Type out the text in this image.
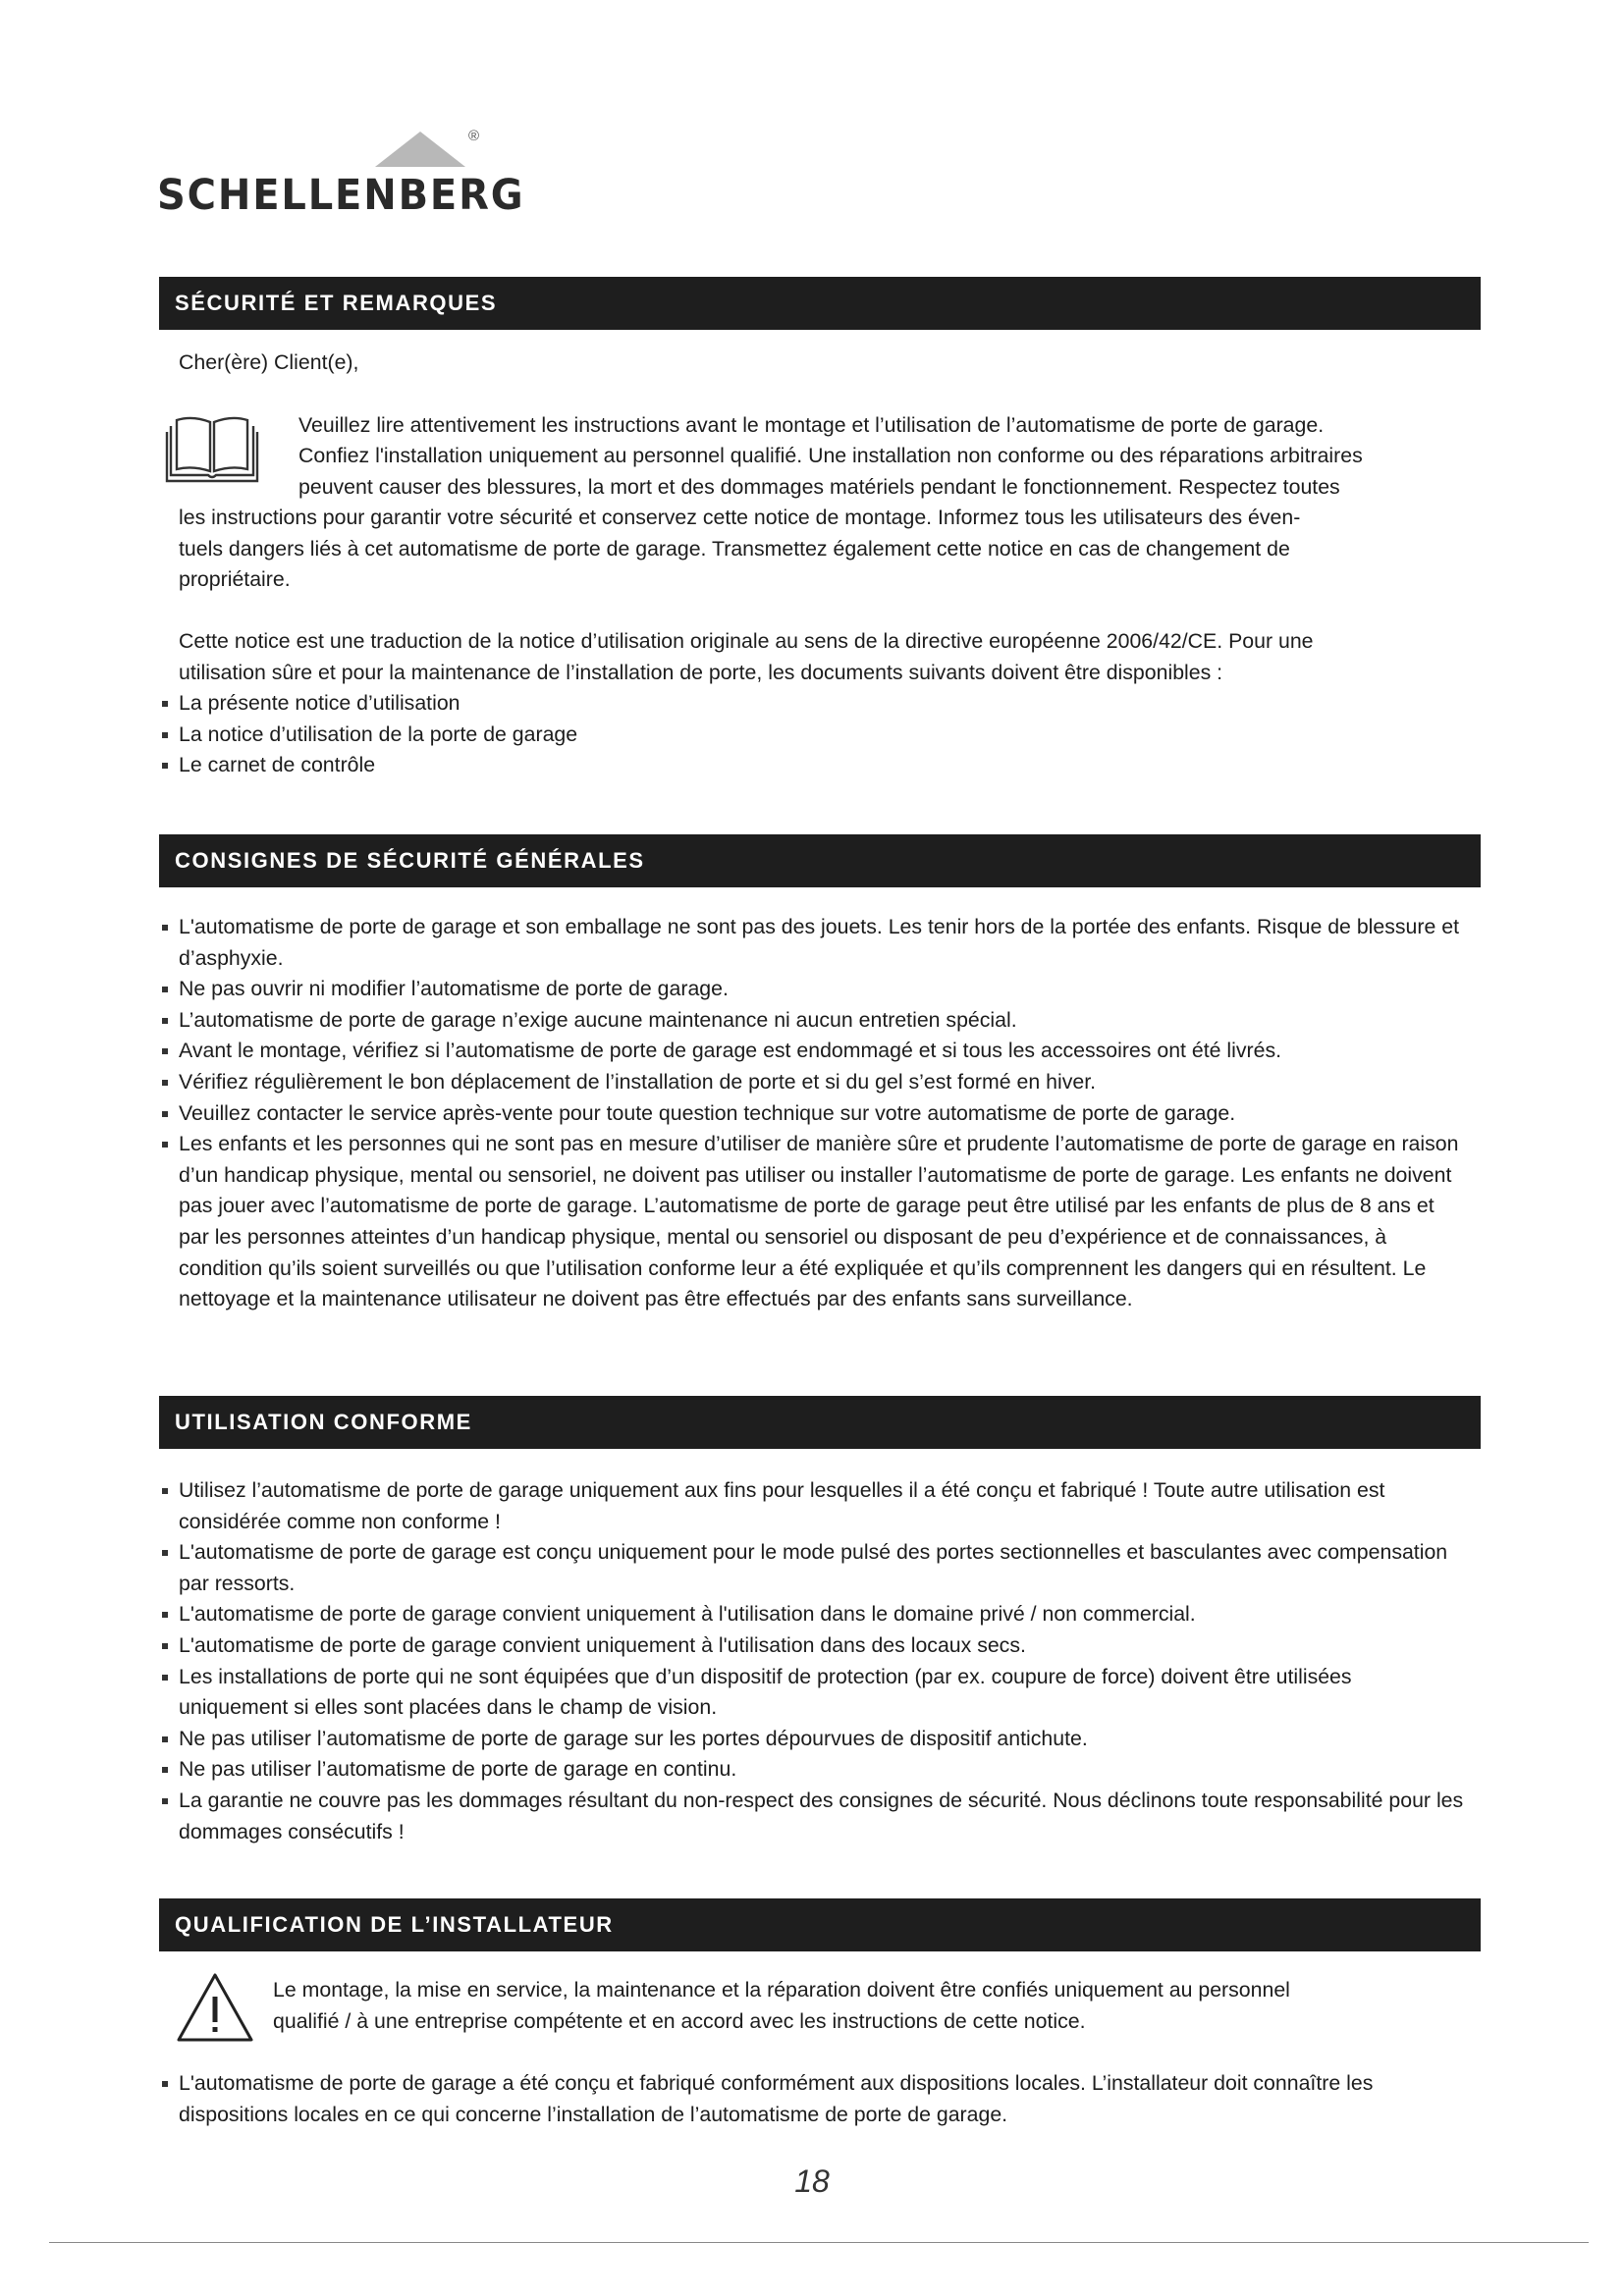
®
SCHELLENBERG
SÉCURITÉ ET REMARQUES
Cher(ère) Client(e),
Veuillez lire attentivement les instructions avant le montage et l’utilisation de l’automatisme de porte de garage.
Confiez l'installation uniquement au personnel qualifié. Une installation non conforme ou des réparations arbitraires
peuvent causer des blessures, la mort et des dommages matériels pendant le fonctionnement. Respectez toutes
les instructions pour garantir votre sécurité et conservez cette notice de montage. Informez tous les utilisateurs des éven-
tuels dangers liés à cet automatisme de porte de garage. Transmettez également cette notice en cas de changement de
propriétaire.
Cette notice est une traduction de la notice d’utilisation originale au sens de la directive européenne 2006/42/CE. Pour une
utilisation sûre et pour la maintenance de l’installation de porte, les documents suivants doivent être disponibles :
La présente notice d’utilisation
La notice d’utilisation de la porte de garage
Le carnet de contrôle
CONSIGNES DE SÉCURITÉ GÉNÉRALES
L'automatisme de porte de garage et son emballage ne sont pas des jouets. Les tenir hors de la portée des enfants. Risque de blessure et d’asphyxie.
Ne pas ouvrir ni modifier l’automatisme de porte de garage.
L’automatisme de porte de garage n’exige aucune maintenance ni aucun entretien spécial.
Avant le montage, vérifiez si l’automatisme de porte de garage est endommagé et si tous les accessoires ont été livrés.
Vérifiez régulièrement le bon déplacement de l’installation de porte et si du gel s’est formé en hiver.
Veuillez contacter le service après-vente pour toute question technique sur votre automatisme de porte de garage.
Les enfants et les personnes qui ne sont pas en mesure d’utiliser de manière sûre et prudente l’automatisme de porte de garage en raison d’un handicap physique, mental ou sensoriel, ne doivent pas utiliser ou installer l’automatisme de porte de garage. Les enfants ne doivent pas jouer avec l’automatisme de porte de garage. L’automatisme de porte de garage peut être utilisé par les enfants de plus de 8 ans et par les personnes atteintes d’un handicap physique, mental ou sensoriel ou disposant de peu d’expérience et de connaissances, à condition qu’ils soient surveillés ou que l’utilisation conforme leur a été expliquée et qu’ils comprennent les dangers qui en résultent. Le nettoyage et la maintenance utilisateur ne doivent pas être effectués par des enfants sans surveillance.
UTILISATION CONFORME
Utilisez l’automatisme de porte de garage uniquement aux fins pour lesquelles il a été conçu et fabriqué ! Toute autre utilisation est considérée comme non conforme !
L'automatisme de porte de garage est conçu uniquement pour le mode pulsé des portes sectionnelles et basculantes avec compensation par ressorts.
L'automatisme de porte de garage convient uniquement à l'utilisation dans le domaine privé / non commercial.
L'automatisme de porte de garage convient uniquement à l'utilisation dans des locaux secs.
Les installations de porte qui ne sont équipées que d’un dispositif de protection (par ex. coupure de force) doivent être utilisées uniquement si elles sont placées dans le champ de vision.
Ne pas utiliser l’automatisme de porte de garage sur les portes dépourvues de dispositif antichute.
Ne pas utiliser l’automatisme de porte de garage en continu.
La garantie ne couvre pas les dommages résultant du non-respect des consignes de sécurité. Nous déclinons toute responsabilité pour les dommages consécutifs !
QUALIFICATION DE L’INSTALLATEUR
Le montage, la mise en service, la maintenance et la réparation doivent être confiés uniquement au personnel
qualifié / à une entreprise compétente et en accord avec les instructions de cette notice.
L'automatisme de porte de garage a été conçu et fabriqué conformément aux dispositions locales. L’installateur doit connaître les dispositions locales en ce qui concerne l’installation de l’automatisme de porte de garage.
18
